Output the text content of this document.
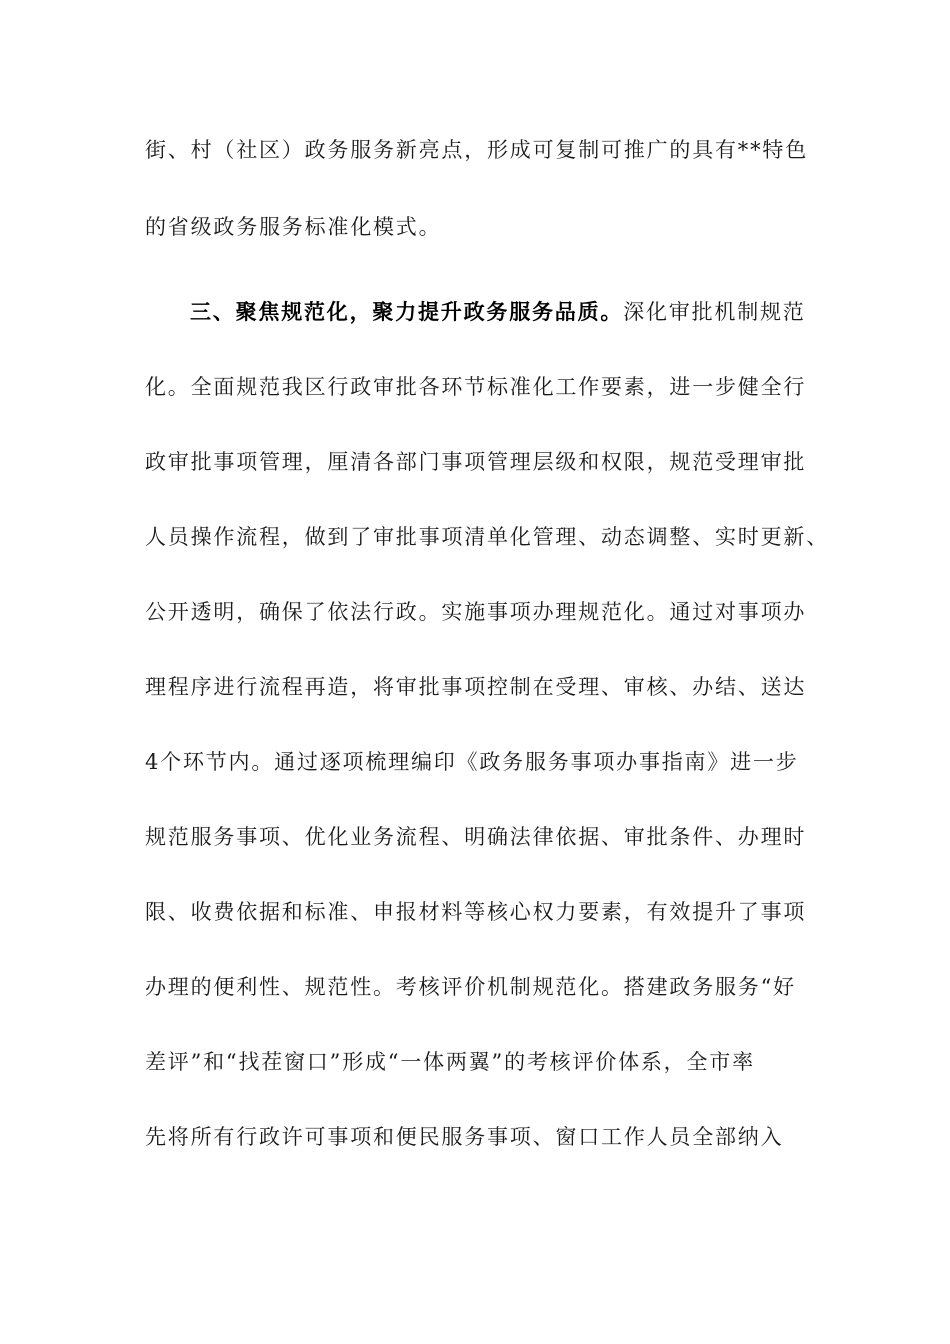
街、村（社区）政务服务新亮点，形成可复制可推广的具有**特色
的省级政务服务标准化模式。
三、聚焦规范化，聚力提升政务服务品质。深化审批机制规范
化。全面规范我区行政审批各环节标准化工作要素，进一步健全行
政审批事项管理，厘清各部门事项管理层级和权限，规范受理审批
人员操作流程，做到了审批事项清单化管理、动态调整、实时更新、
公开透明，确保了依法行政。实施事项办理规范化。通过对事项办
理程序进行流程再造，将审批事项控制在受理、审核、办结、送达
4个环节内。通过逐项梳理编印《政务服务事项办事指南》进一步
规范服务事项、优化业务流程、明确法律依据、审批条件、办理时
限、收费依据和标准、申报材料等核心权力要素，有效提升了事项
办理的便利性、规范性。考核评价机制规范化。搭建政务服务“好
差评”和“找茬窗口”形成“一体两翼”的考核评价体系，全市率
先将所有行政许可事项和便民服务事项、窗口工作人员全部纳入
